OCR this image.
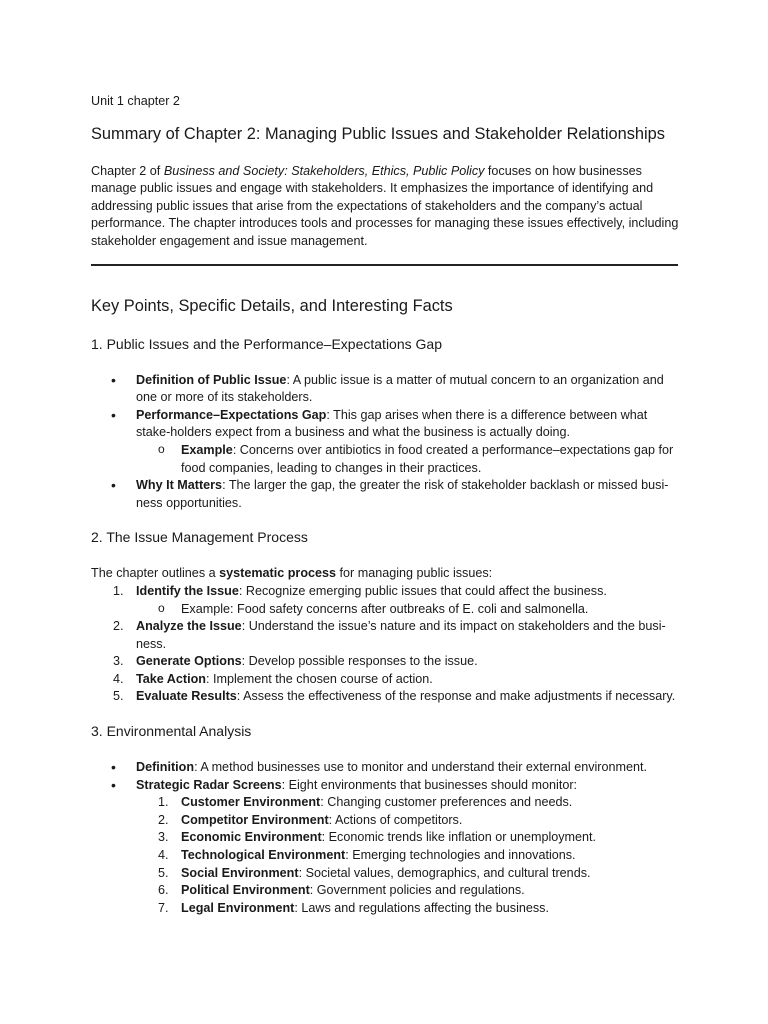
Unit 1 chapter 2
Summary of Chapter 2: Managing Public Issues and Stakeholder Relationships

Chapter 2 of Business and Society: Stakeholders, Ethics, Public Policy focuses on how businesses manage public issues and engage with stakeholders. It emphasizes the importance of identifying and addressing public issues that arise from the expectations of stakeholders and the company’s actual performance. The chapter introduces tools and processes for managing these issues effectively, including stakeholder engagement and issue management.

Key Points, Specific Details, and Interesting Facts
1. Public Issues and the Performance–Expectations Gap
• Definition of Public Issue: A public issue is a matter of mutual concern to an organization and one or more of its stakeholders.
• Performance–Expectations Gap: This gap arises when there is a difference between what stake-holders expect from a business and what the business is actually doing.
o Example: Concerns over antibiotics in food created a performance–expectations gap for food companies, leading to changes in their practices.
• Why It Matters: The larger the gap, the greater the risk of stakeholder backlash or missed busi-ness opportunities.
2. The Issue Management Process

The chapter outlines a systematic process for managing public issues:

1. Identify the Issue: Recognize emerging public issues that could affect the business.
o Example: Food safety concerns after outbreaks of E. coli and salmonella.
2. Analyze the Issue: Understand the issue’s nature and its impact on stakeholders and the busi-ness.
3. Generate Options: Develop possible responses to the issue.
4. Take Action: Implement the chosen course of action.
5. Evaluate Results: Assess the effectiveness of the response and make adjustments if necessary.
3. Environmental Analysis
• Definition: A method businesses use to monitor and understand their external environment.
• Strategic Radar Screens: Eight environments that businesses should monitor:
1. Customer Environment: Changing customer preferences and needs.
2. Competitor Environment: Actions of competitors.
3. Economic Environment: Economic trends like inflation or unemployment.
4. Technological Environment: Emerging technologies and innovations.
5. Social Environment: Societal values, demographics, and cultural trends.
6. Political Environment: Government policies and regulations.
7. Legal Environment: Laws and regulations affecting the business.
